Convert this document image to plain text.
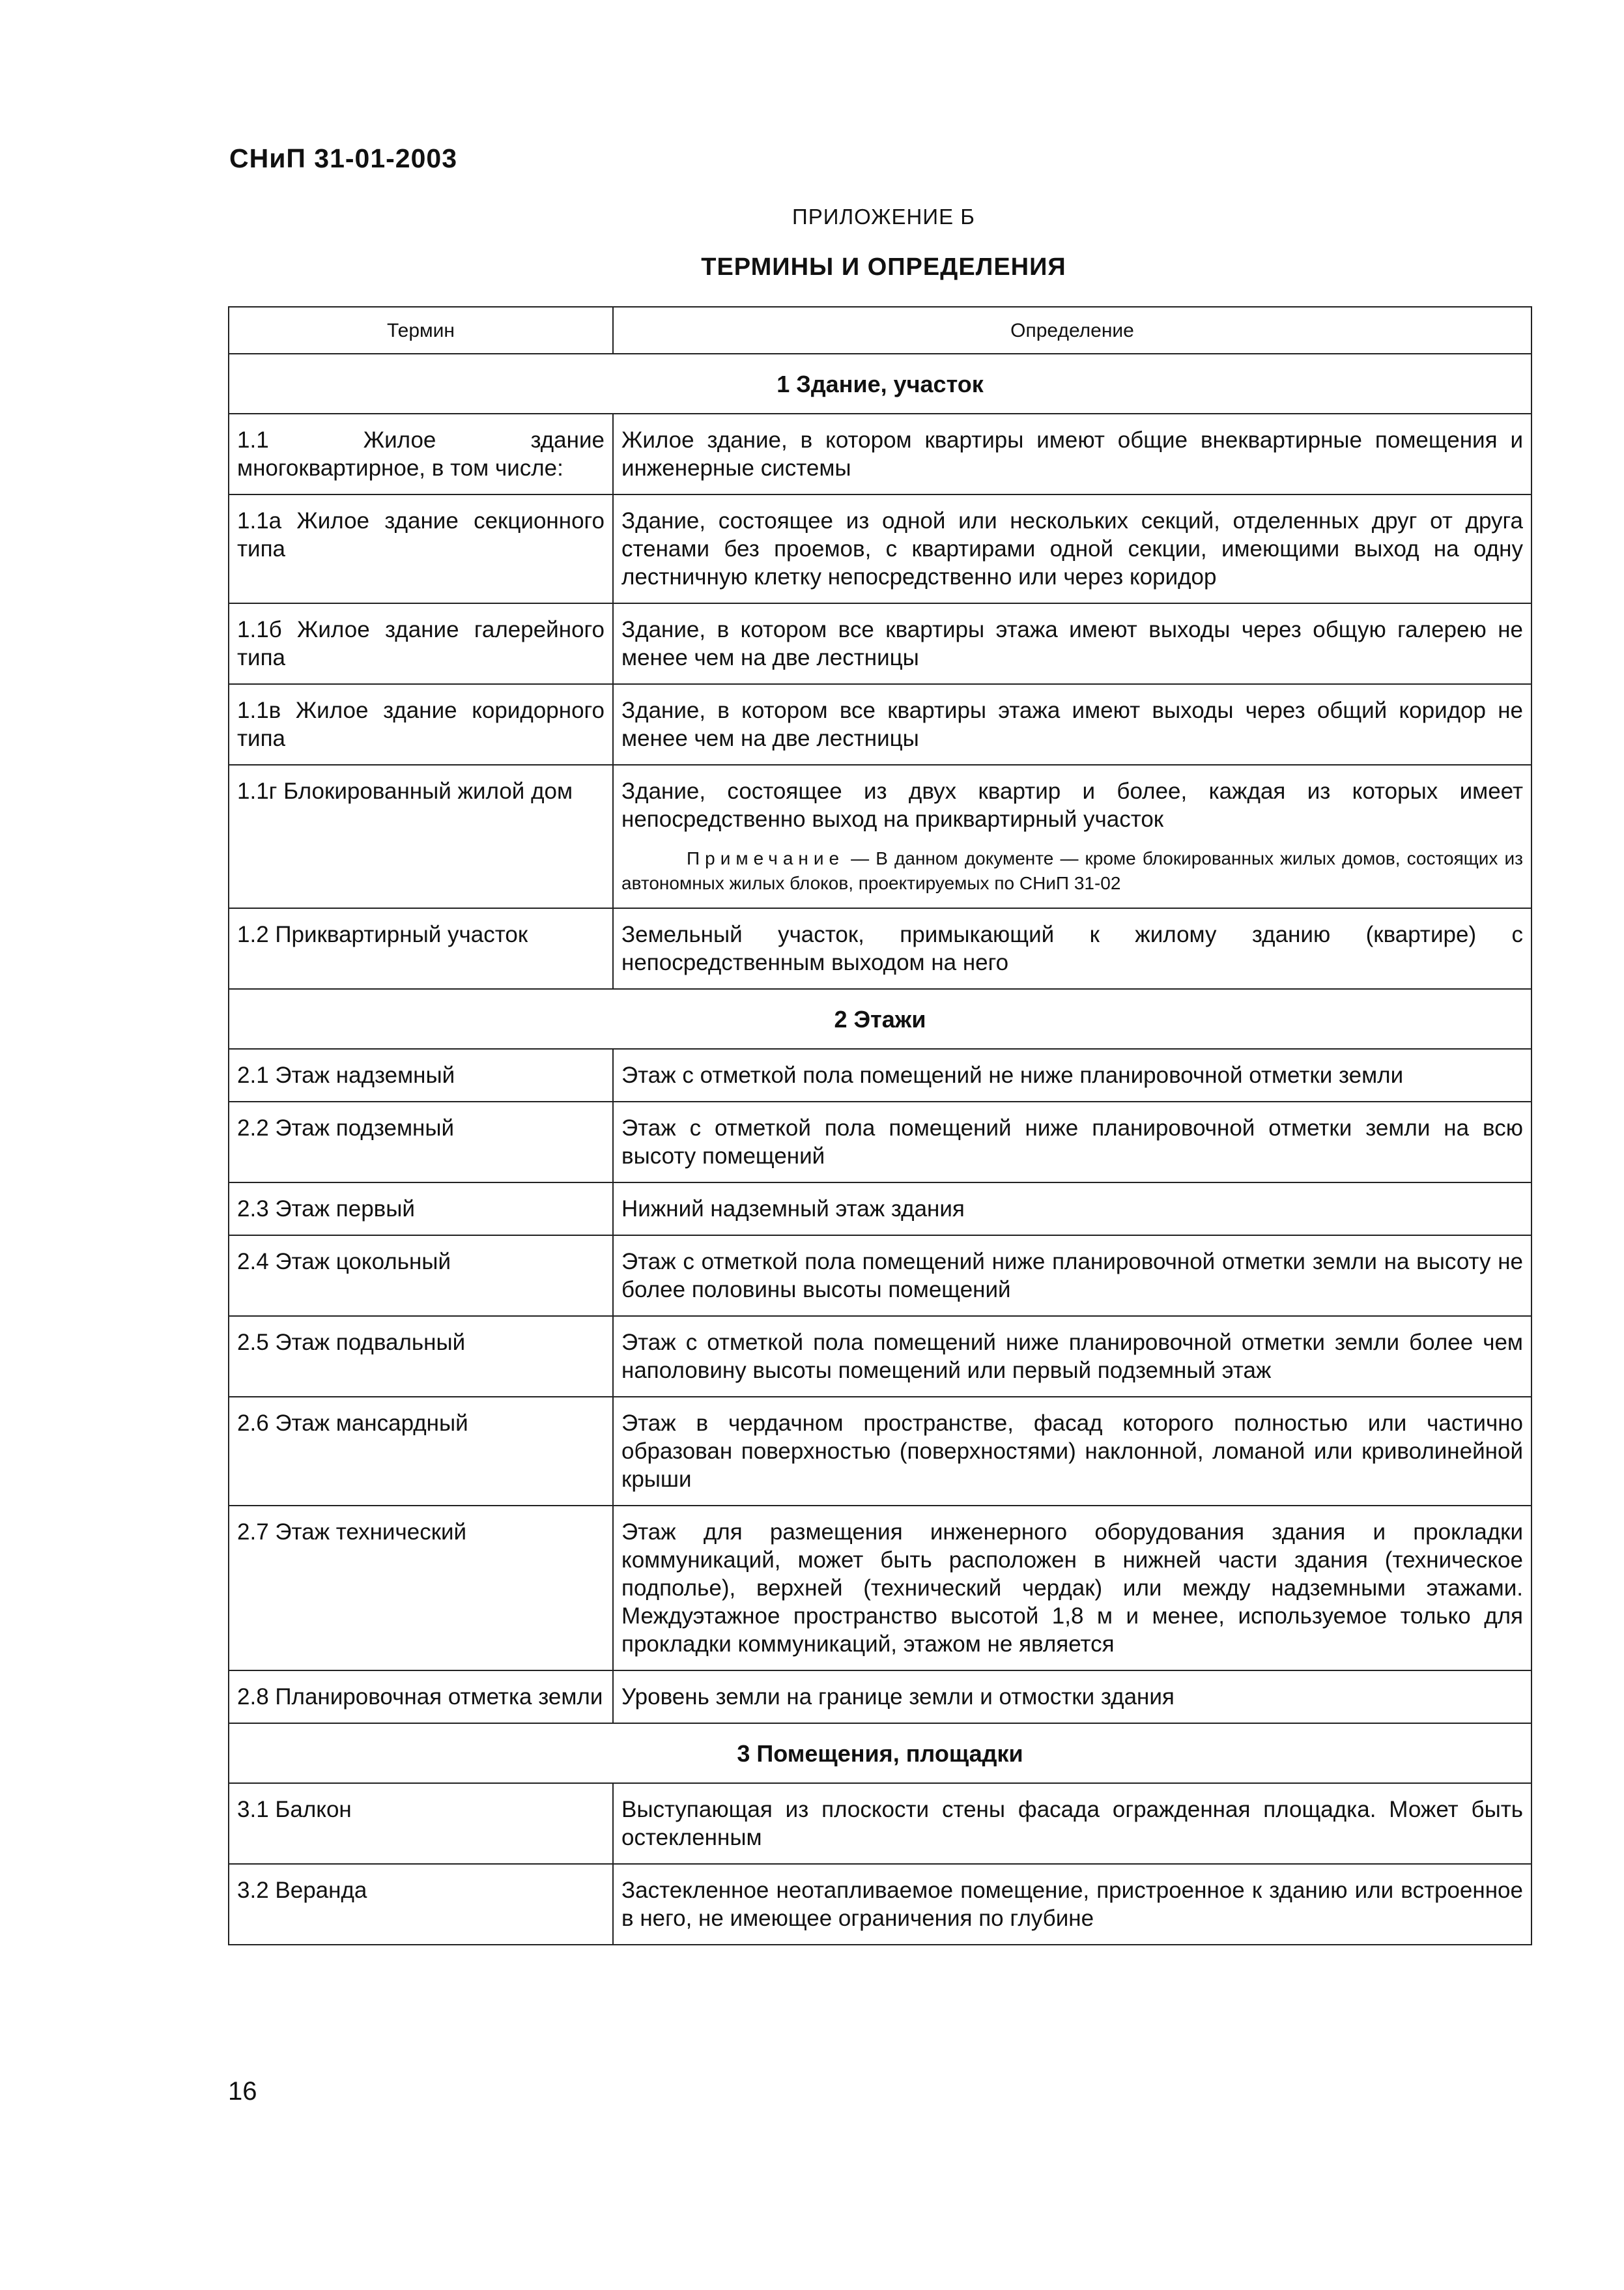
СНиП 31-01-2003
ПРИЛОЖЕНИЕ Б
ТЕРМИНЫ И ОПРЕДЕЛЕНИЯ
Термин	Определение
1 Здание, участок	
1.1 Жилое здание многоквартирное, в том числе:	Жилое здание, в котором квартиры имеют общие внеквартирные помещения и инженерные системы

1.1а Жилое здание секционного типа	Здание, состоящее из одной или нескольких секций, отделенных друг от друга стенами без проемов, с квартирами одной секции, имеющими выход на одну лестничную клетку непосредственно или через коридор

1.1б Жилое здание галерейного типа	Здание, в котором все квартиры этажа имеют выходы через общую галерею не менее чем на две лестницы

1.1в Жилое здание коридорного типа	Здание, в котором все квартиры этажа имеют выходы через общий коридор не менее чем на две лестницы

1.1г Блокированный жилой дом	Здание, состоящее из двух квартир и более, каждая из которых имеет непосредственно выход на приквартирный участок
Примечание — В данном документе — кроме блокированных жилых домов, состоящих из автономных жилых блоков, проектируемых по СНиП 31-02

1.2 Приквартирный участок	Земельный участок, примыкающий к жилому зданию (квартире) с непосредственным выходом на него

2 Этажи	
2.1 Этаж надземный	Этаж с отметкой пола помещений не ниже планировочной отметки земли

2.2 Этаж подземный	Этаж с отметкой пола помещений ниже планировочной отметки земли на всю высоту помещений

2.3 Этаж первый	Нижний надземный этаж здания

2.4 Этаж цокольный	Этаж с отметкой пола помещений ниже планировочной отметки земли на высоту не более половины высоты помещений

2.5 Этаж подвальный	Этаж с отметкой пола помещений ниже планировочной отметки земли более чем наполовину высоты помещений или первый подземный этаж

2.6 Этаж мансардный	Этаж в чердачном пространстве, фасад которого полностью или частично образован поверхностью (поверхностями) наклонной, ломаной или криволинейной крыши

2.7 Этаж технический	Этаж для размещения инженерного оборудования здания и прокладки коммуникаций, может быть расположен в нижней части здания (техническое подполье), верхней (технический чердак) или между надземными этажами. Междуэтажное пространство высотой 1,8 м и менее, используемое только для прокладки коммуникаций, этажом не является

2.8 Планировочная отметка земли	Уровень земли на границе земли и отмостки здания

3 Помещения, площадки	
3.1 Балкон	Выступающая из плоскости стены фасада огражденная площадка. Может быть остекленным

3.2 Веранда	Застекленное неотапливаемое помещение, пристроенное к зданию или встроенное в него, не имеющее ограничения по глубине
16
